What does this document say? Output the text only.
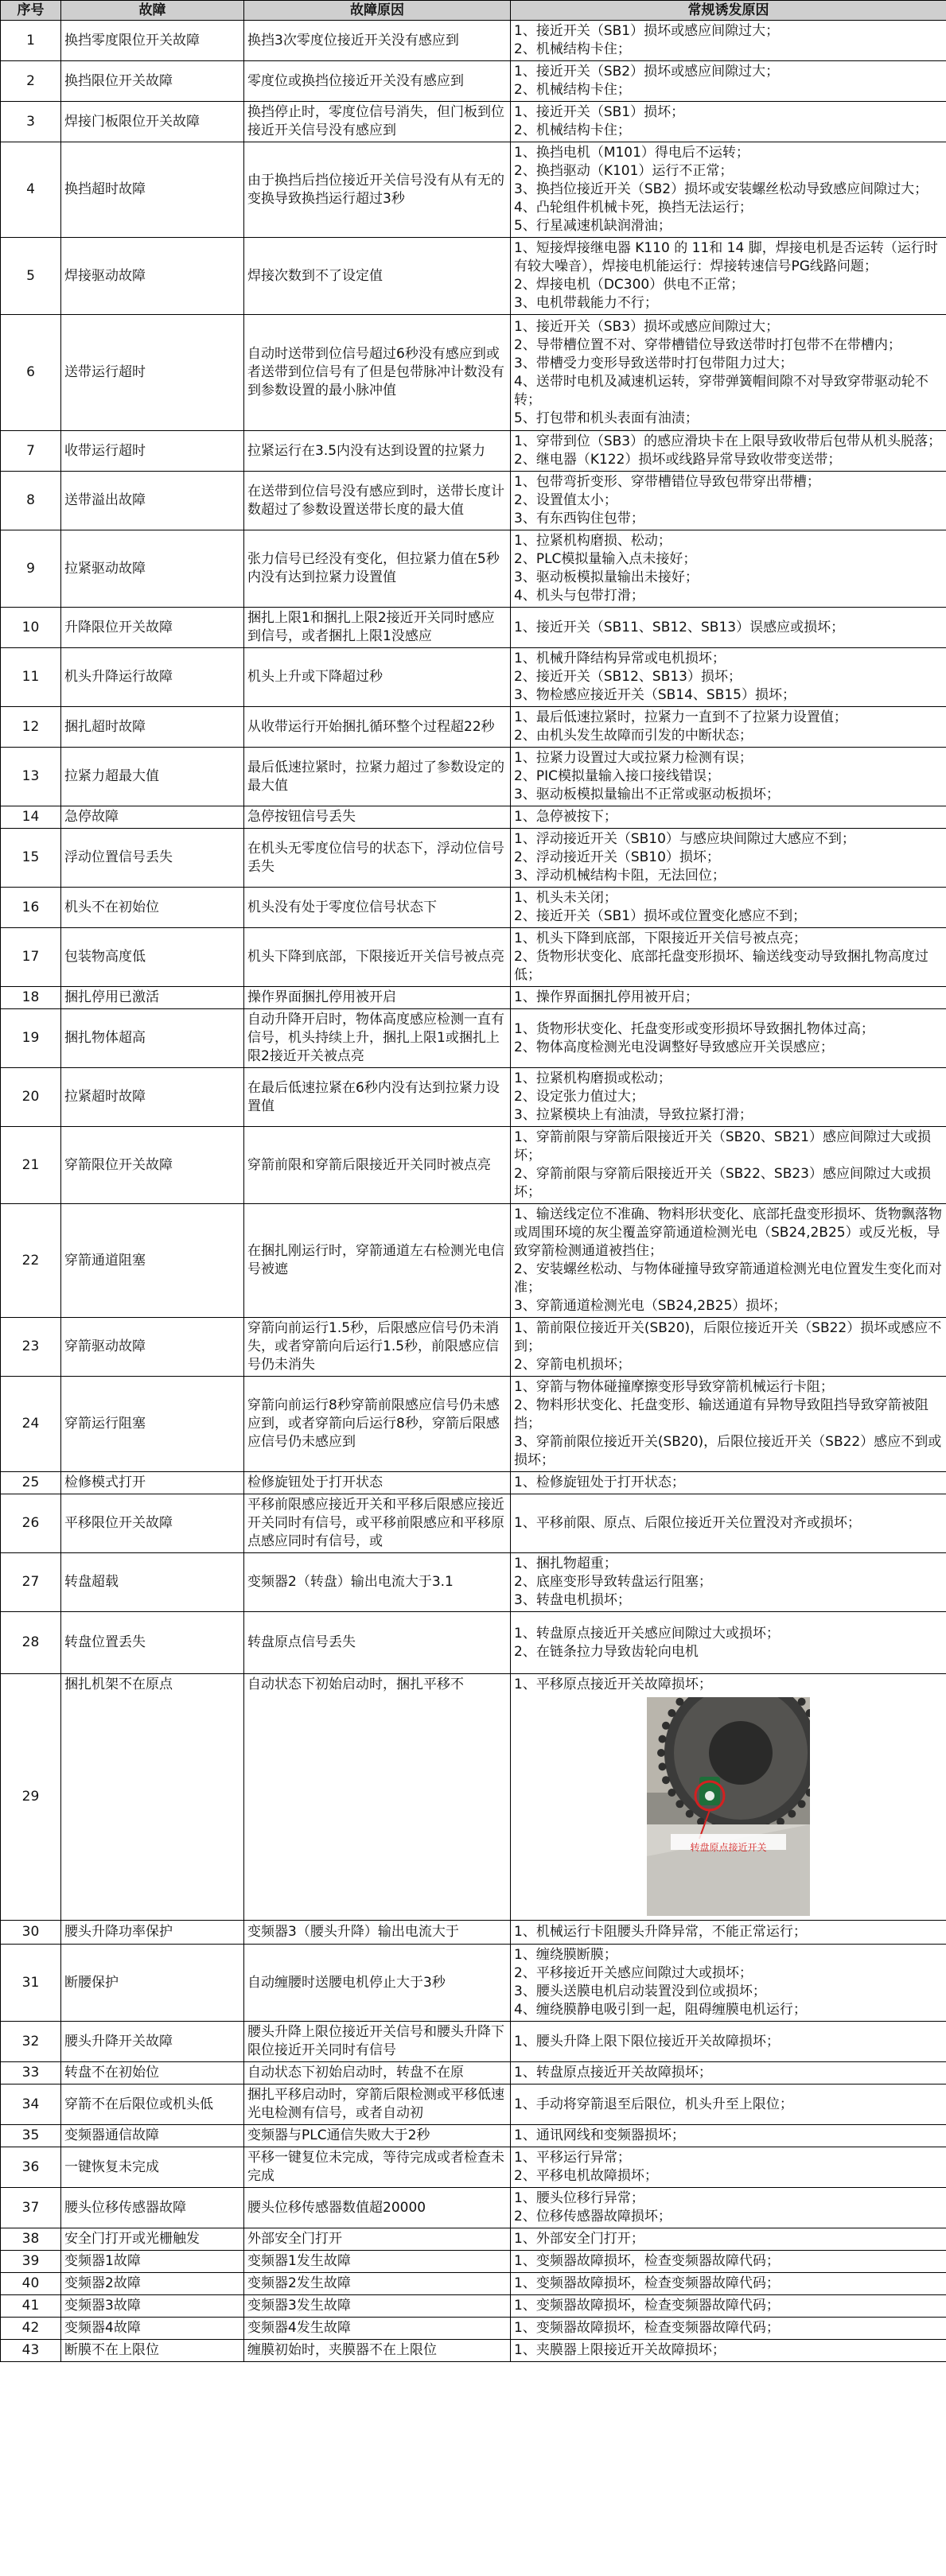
序号	故障	故障原因	常规诱发原因
1	换挡零度限位开关故障	换挡3次零度位接近开关没有感应到	1、接近开关（SB1）损坏或感应间隙过大；
2、机械结构卡住；

2	换挡限位开关故障	零度位或换挡位接近开关没有感应到	1、接近开关（SB2）损坏或感应间隙过大；
2、机械结构卡住；

3	焊接门板限位开关故障	换挡停止时，零度位信号消失，但门板到位接近开关信号没有感应到	1、接近开关（SB1）损坏；
2、机械结构卡住；

4	换挡超时故障	由于换挡后挡位接近开关信号没有从有无的变换导致换挡运行超过3秒	1、换挡电机（M101）得电后不运转；
2、换挡驱动（K101）运行不正常；
3、换挡位接近开关（SB2）损坏或安装螺丝松动导致感应间隙过大；
4、凸轮组件机械卡死，换挡无法运行；
5、行星减速机缺润滑油；

5	焊接驱动故障	焊接次数到不了设定值	1、短接焊接继电器 K110 的 11和 14 脚，焊接电机是否运转（运行时有较大噪音），焊接电机能运行：焊接转速信号PG线路问题；
2、焊接电机（DC300）供电不正常；
3、电机带载能力不行；

6	送带运行超时	自动时送带到位信号超过6秒没有感应到或者送带到位信号有了但是包带脉冲计数没有到参数设置的最小脉冲值	1、接近开关（SB3）损坏或感应间隙过大；
2、导带槽位置不对、穿带槽错位导致送带时打包带不在带槽内；
3、带槽受力变形导致送带时打包带阻力过大；
4、送带时电机及减速机运转，穿带弹簧帽间隙不对导致穿带驱动轮不转；
5、打包带和机头表面有油渍；

7	收带运行超时	拉紧运行在3.5内没有达到设置的拉紧力	1、穿带到位（SB3）的感应滑块卡在上限导致收带后包带从机头脱落；
2、继电器（K122）损坏或线路异常导致收带变送带；

8	送带溢出故障	在送带到位信号没有感应到时，送带长度计数超过了参数设置送带长度的最大值	1、包带弯折变形、穿带槽错位导致包带穿出带槽；
2、设置值太小；
3、有东西钩住包带；

9	拉紧驱动故障	张力信号已经没有变化，但拉紧力值在5秒内没有达到拉紧力设置值	1、拉紧机构磨损、松动；
2、PLC模拟量输入点未接好；
3、驱动板模拟量输出未接好；
4、机头与包带打滑；

10	升降限位开关故障	捆扎上限1和捆扎上限2接近开关同时感应到信号，或者捆扎上限1没感应	1、接近开关（SB11、SB12、SB13）误感应或损坏；

11	机头升降运行故障	机头上升或下降超过秒	1、机械升降结构异常或电机损坏；
2、接近开关（SB12、SB13）损坏；
3、物检感应接近开关（SB14、SB15）损坏；

12	捆扎超时故障	从收带运行开始捆扎循环整个过程超22秒	1、最后低速拉紧时，拉紧力一直到不了拉紧力设置值；
2、由机头发生故障而引发的中断状态；

13	拉紧力超最大值	最后低速拉紧时，拉紧力超过了参数设定的最大值	1、拉紧力设置过大或拉紧力检测有误；
2、PIC模拟量输入接口接线错误；
3、驱动板模拟量输出不正常或驱动板损坏；

14	急停故障	急停按钮信号丢失	1、急停被按下；

15	浮动位置信号丢失	在机头无零度位信号的状态下，浮动位信号丢失	1、浮动接近开关（SB10）与感应块间隙过大感应不到；
2、浮动接近开关（SB10）损坏；
3、浮动机械结构卡阻，无法回位；

16	机头不在初始位	机头没有处于零度位信号状态下	1、机头未关闭；
2、接近开关（SB1）损坏或位置变化感应不到；

17	包装物高度低	机头下降到底部，下限接近开关信号被点亮	1、机头下降到底部，下限接近开关信号被点亮；
2、货物形状变化、底部托盘变形损坏、输送线变动导致捆扎物高度过低；

18	捆扎停用已激活	操作界面捆扎停用被开启	1、操作界面捆扎停用被开启；

19	捆扎物体超高	自动升降开启时，物体高度感应检测一直有信号，机头持续上升，捆扎上限1或捆扎上限2接近开关被点亮	1、货物形状变化、托盘变形或变形损坏导致捆扎物体过高；
2、物体高度检测光电没调整好导致感应开关误感应；

20	拉紧超时故障	在最后低速拉紧在6秒内没有达到拉紧力设置值	1、拉紧机构磨损或松动；
2、设定张力值过大；
3、拉紧模块上有油渍，导致拉紧打滑；

21	穿箭限位开关故障	穿箭前限和穿箭后限接近开关同时被点亮	1、穿箭前限与穿箭后限接近开关（SB20、SB21）感应间隙过大或损坏；
2、穿箭前限与穿箭后限接近开关（SB22、SB23）感应间隙过大或损坏；

22	穿箭通道阻塞	在捆扎刚运行时，穿箭通道左右检测光电信号被遮	1、输送线定位不准确、物料形状变化、底部托盘变形损坏、货物飘落物或周围环境的灰尘覆盖穿箭通道检测光电（SB24,2B25）或反光板，导致穿箭检测通道被挡住；
2、安装螺丝松动、与物体碰撞导致穿箭通道检测光电位置发生变化而对准；
3、穿箭通道检测光电（SB24,2B25）损坏；

23	穿箭驱动故障	穿箭向前运行1.5秒，后限感应信号仍未消失，或者穿箭向后运行1.5秒，前限感应信号仍未消失	1、箭前限位接近开关(SB20)，后限位接近开关（SB22）损坏或感应不到；
2、穿箭电机损坏；

24	穿箭运行阻塞	穿箭向前运行8秒穿箭前限感应信号仍未感应到，或者穿箭向后运行8秒，穿箭后限感应信号仍未感应到	1、穿箭与物体碰撞摩擦变形导致穿箭机械运行卡阻；
2、物料形状变化、托盘变形、输送通道有异物导致阻挡导致穿箭被阻挡；
3、穿箭前限位接近开关(SB20)，后限位接近开关（SB22）感应不到或损坏；

25	检修模式打开	检修旋钮处于打开状态	1、检修旋钮处于打开状态；

26	平移限位开关故障	平移前限感应接近开关和平移后限感应接近开关同时有信号，或平移前限感应和平移原点感应同时有信号，或	1、平移前限、原点、后限位接近开关位置没对齐或损坏；

27	转盘超载	变频器2（转盘）输出电流大于3.1	1、捆扎物超重；
2、底座变形导致转盘运行阻塞；
3、转盘电机损坏；

28	转盘位置丢失	转盘原点信号丢失	1、转盘原点接近开关感应间隙过大或损坏；
2、在链条拉力导致齿轮向电机

29	捆扎机架不在原点	自动状态下初始启动时，捆扎平移不	1、平移原点接近开关故障损坏；
转盘原点接近开关

30	腰头升降功率保护	变频器3（腰头升降）输出电流大于	1、机械运行卡阻腰头升降异常，不能正常运行；

31	断腰保护	自动缠腰时送腰电机停止大于3秒	1、缠绕膜断膜；
2、平移接近开关感应间隙过大或损坏；
3、腰头送膜电机启动装置没到位或损坏；
4、缠绕膜静电吸引到一起，阻碍缠膜电机运行；

32	腰头升降开关故障	腰头升降上限位接近开关信号和腰头升降下限位接近开关同时有信号	1、腰头升降上限下限位接近开关故障损坏；

33	转盘不在初始位	自动状态下初始启动时，转盘不在原	1、转盘原点接近开关故障损坏；

34	穿箭不在后限位或机头低	捆扎平移启动时，穿箭后限检测或平移低速光电检测有信号，或者自动初	1、手动将穿箭退至后限位，机头升至上限位；

35	变频器通信故障	变频器与PLC通信失败大于2秒	1、通讯网线和变频器损坏；

36	一键恢复未完成	平移一键复位未完成，等待完成或者检查未完成	1、平移运行异常；
2、平移电机故障损坏；

37	腰头位移传感器故障	腰头位移传感器数值超20000	1、腰头位移行异常；
2、位移传感器故障损坏；

38	安全门打开或光栅触发	外部安全门打开	1、外部安全门打开；

39	变频器1故障	变频器1发生故障	1、变频器故障损坏，检查变频器故障代码；

40	变频器2故障	变频器2发生故障	1、变频器故障损坏，检查变频器故障代码；

41	变频器3故障	变频器3发生故障	1、变频器故障损坏，检查变频器故障代码；

42	变频器4故障	变频器4发生故障	1、变频器故障损坏，检查变频器故障代码；

43	断膜不在上限位	缠膜初始时，夹膜器不在上限位	1、夹膜器上限接近开关故障损坏；
